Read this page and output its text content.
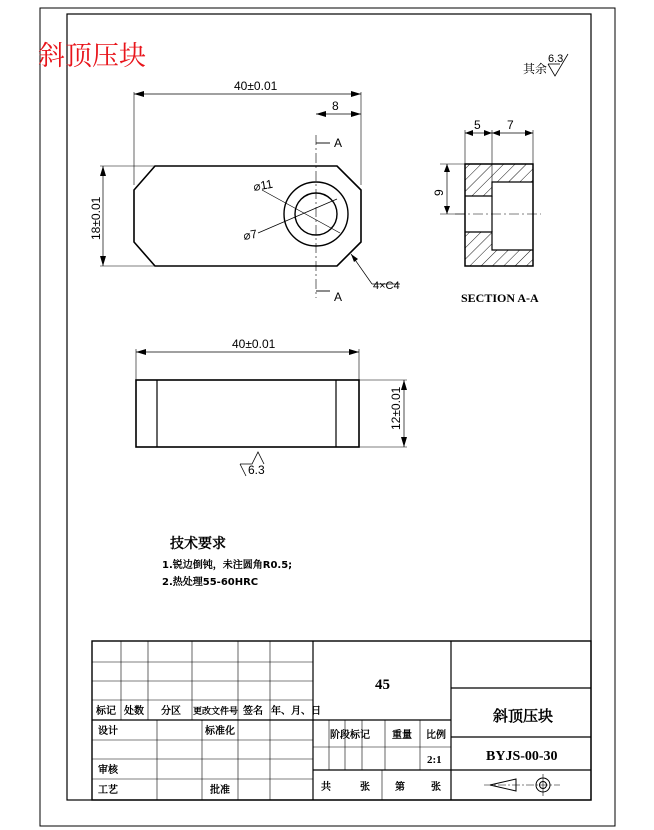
斜顶压块	其余
6.3
⌀11
⌀7
A
A
40±0.01
8
18±0.01
4×C4
5 7
9
SECTION A-A
40±0.01
12±0.01
6.3
技术要求
1.锐边倒钝，未注圆角R0.5;
2.热处理55-60HRC
标记 处数 分区 更改文件号 签名 年、月、日
设计	标准化
审核
工艺	批准
阶段标记 重量 比例
2:1
共	张	第	张
45
斜顶压块
BYJS-00-30
